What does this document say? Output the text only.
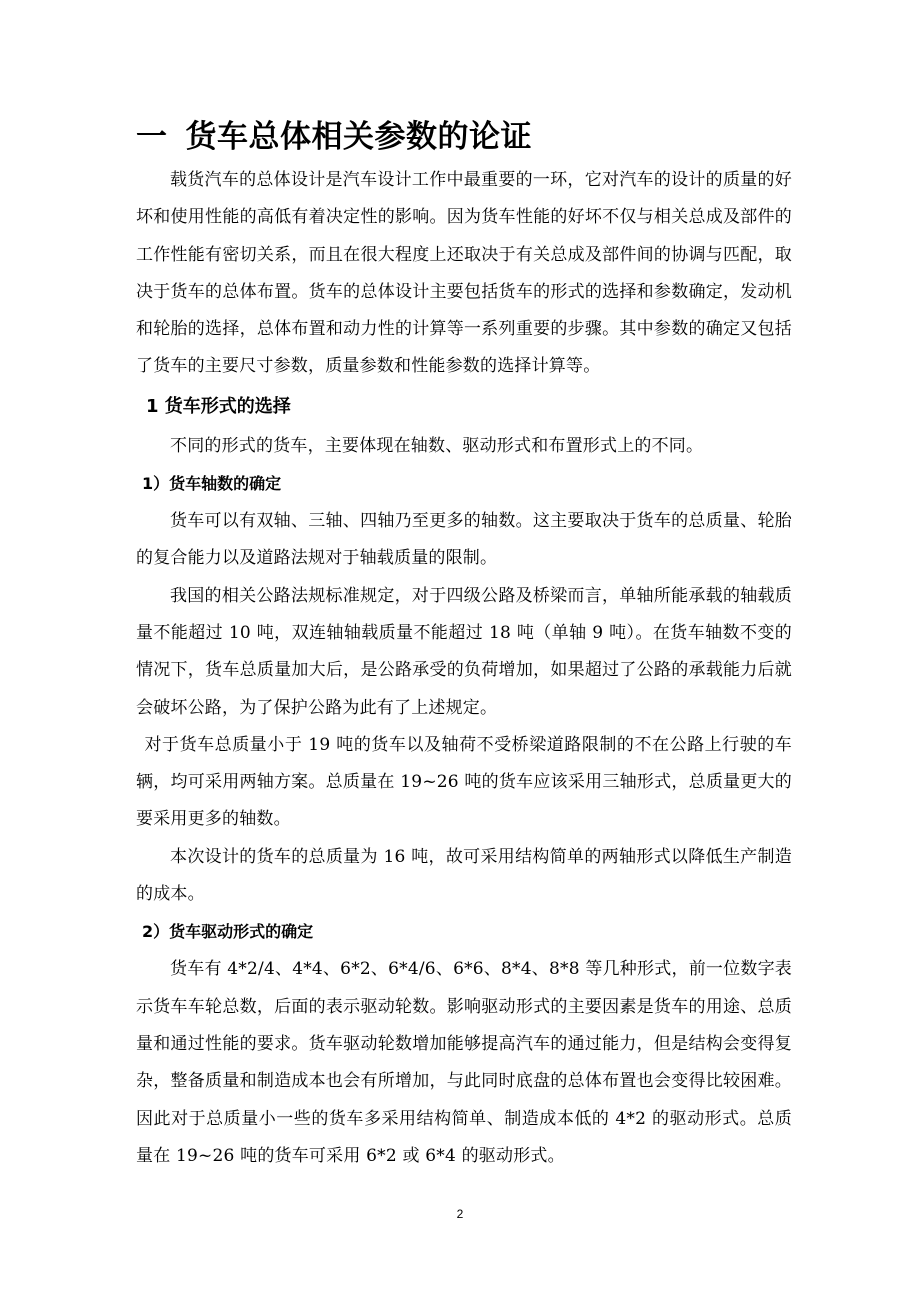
一 货车总体相关参数的论证

载货汽车的总体设计是汽车设计工作中最重要的一环，它对汽车的设计的质量的好坏和使用性能的高低有着决定性的影响。因为货车性能的好坏不仅与相关总成及部件的工作性能有密切关系，而且在很大程度上还取决于有关总成及部件间的协调与匹配，取决于货车的总体布置。货车的总体设计主要包括货车的形式的选择和参数确定，发动机和轮胎的选择，总体布置和动力性的计算等一系列重要的步骤。其中参数的确定又包括了货车的主要尺寸参数，质量参数和性能参数的选择计算等。

1 货车形式的选择

不同的形式的货车，主要体现在轴数、驱动形式和布置形式上的不同。

1）货车轴数的确定

货车可以有双轴、三轴、四轴乃至更多的轴数。这主要取决于货车的总质量、轮胎的复合能力以及道路法规对于轴载质量的限制。

我国的相关公路法规标准规定，对于四级公路及桥梁而言，单轴所能承载的轴载质量不能超过 10 吨，双连轴轴载质量不能超过 18 吨（单轴 9 吨）。在货车轴数不变的情况下，货车总质量加大后，是公路承受的负荷增加，如果超过了公路的承载能力后就会破坏公路，为了保护公路为此有了上述规定。

对于货车总质量小于 19 吨的货车以及轴荷不受桥梁道路限制的不在公路上行驶的车辆，均可采用两轴方案。总质量在 19~26 吨的货车应该采用三轴形式，总质量更大的要采用更多的轴数。

本次设计的货车的总质量为 16 吨，故可采用结构简单的两轴形式以降低生产制造的成本。

2）货车驱动形式的确定

货车有 4*2/4、4*4、6*2、6*4/6、6*6、8*4、8*8 等几种形式，前一位数字表示货车车轮总数，后面的表示驱动轮数。影响驱动形式的主要因素是货车的用途、总质量和通过性能的要求。货车驱动轮数增加能够提高汽车的通过能力，但是结构会变得复杂，整备质量和制造成本也会有所增加，与此同时底盘的总体布置也会变得比较困难。因此对于总质量小一些的货车多采用结构简单、制造成本低的 4*2 的驱动形式。总质量在 19~26 吨的货车可采用 6*2 或 6*4 的驱动形式。

2
